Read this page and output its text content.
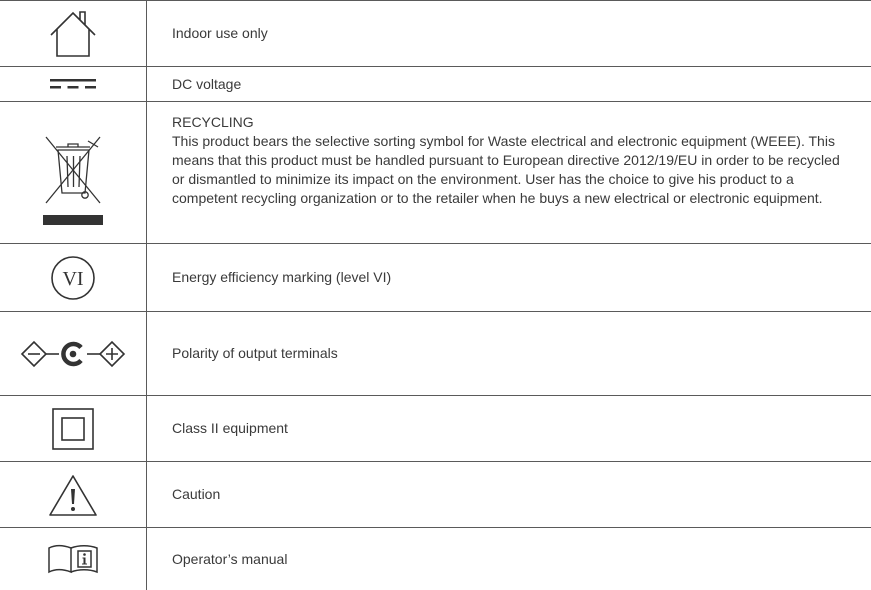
Indoor use only
DC voltage
RECYCLING
This product bears the selective sorting symbol for Waste electrical and electronic equipment (WEEE). This means that this product must be handled pursuant to European directive 2012/19/EU in order to be recycled or dismantled to minimize its impact on the environment. User has the choice to give his product to a competent recycling organization or to the retailer when he buys a new electrical or electronic equipment.
VI	Energy efficiency marking (level VI)
Polarity of output terminals
Class II equipment
Caution
Operator’s manual
